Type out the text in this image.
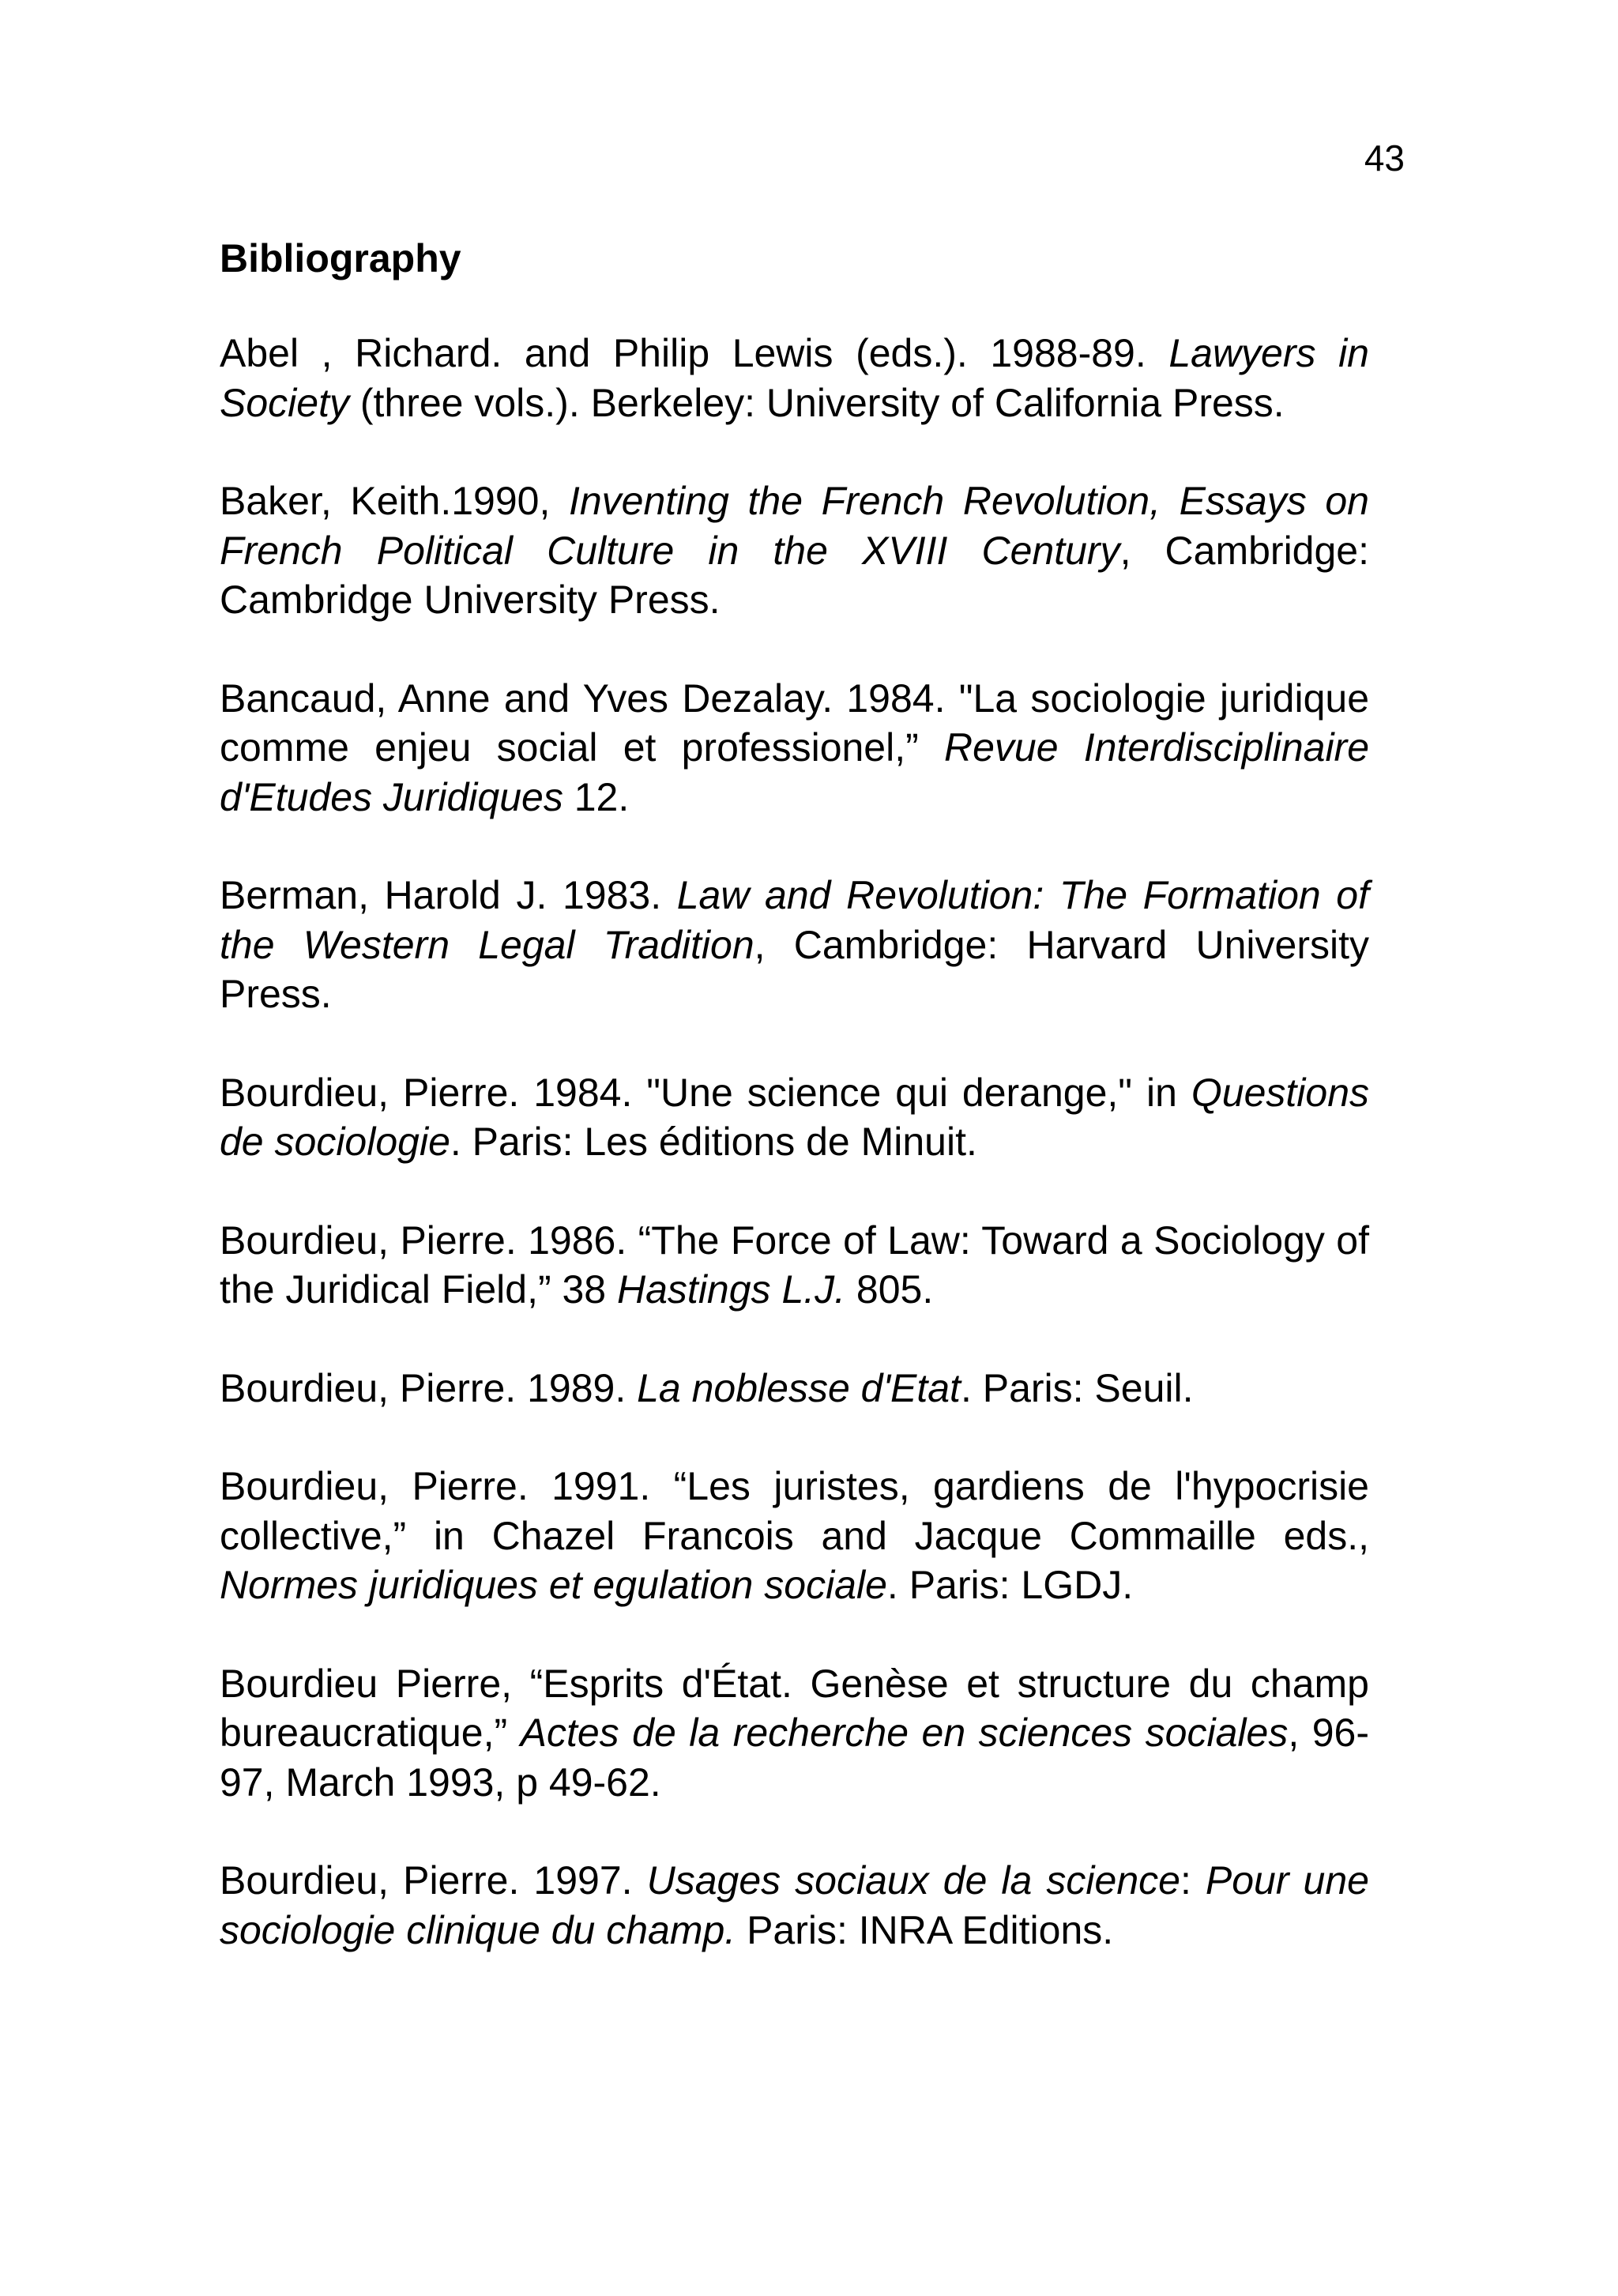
43
Bibliography
Abel , Richard. and Philip Lewis (eds.). 1988-89. Lawyers in Society (three vols.). Berkeley: University of California Press.
Baker, Keith.1990, Inventing the French Revolution, Essays on French Political Culture in the XVIII Century, Cambridge: Cambridge University Press.
Bancaud, Anne and Yves Dezalay. 1984. "La sociologie juridique comme enjeu social et professionel,” Revue Interdisciplinaire d'Etudes Juridiques 12.
Berman, Harold J. 1983. Law and Revolution: The Formation of the Western Legal Tradition, Cambridge: Harvard University Press.
Bourdieu, Pierre. 1984. "Une science qui derange," in Questions de sociologie. Paris: Les éditions de Minuit.
Bourdieu, Pierre. 1986. “The Force of Law: Toward a Sociology of the Juridical Field,” 38 Hastings L.J. 805.
Bourdieu, Pierre. 1989. La noblesse d'Etat. Paris: Seuil.
Bourdieu, Pierre. 1991. “Les juristes, gardiens de l'hypocrisie collective,” in Chazel Francois and Jacque Commaille eds., Normes juridiques et egulation sociale. Paris: LGDJ.
Bourdieu Pierre, “Esprits d'État. Genèse et structure du champ bureaucratique,” Actes de la recherche en sciences sociales, 96-97, March 1993, p 49-62.
Bourdieu, Pierre. 1997. Usages sociaux de la science: Pour une sociologie clinique du champ. Paris: INRA Editions.
